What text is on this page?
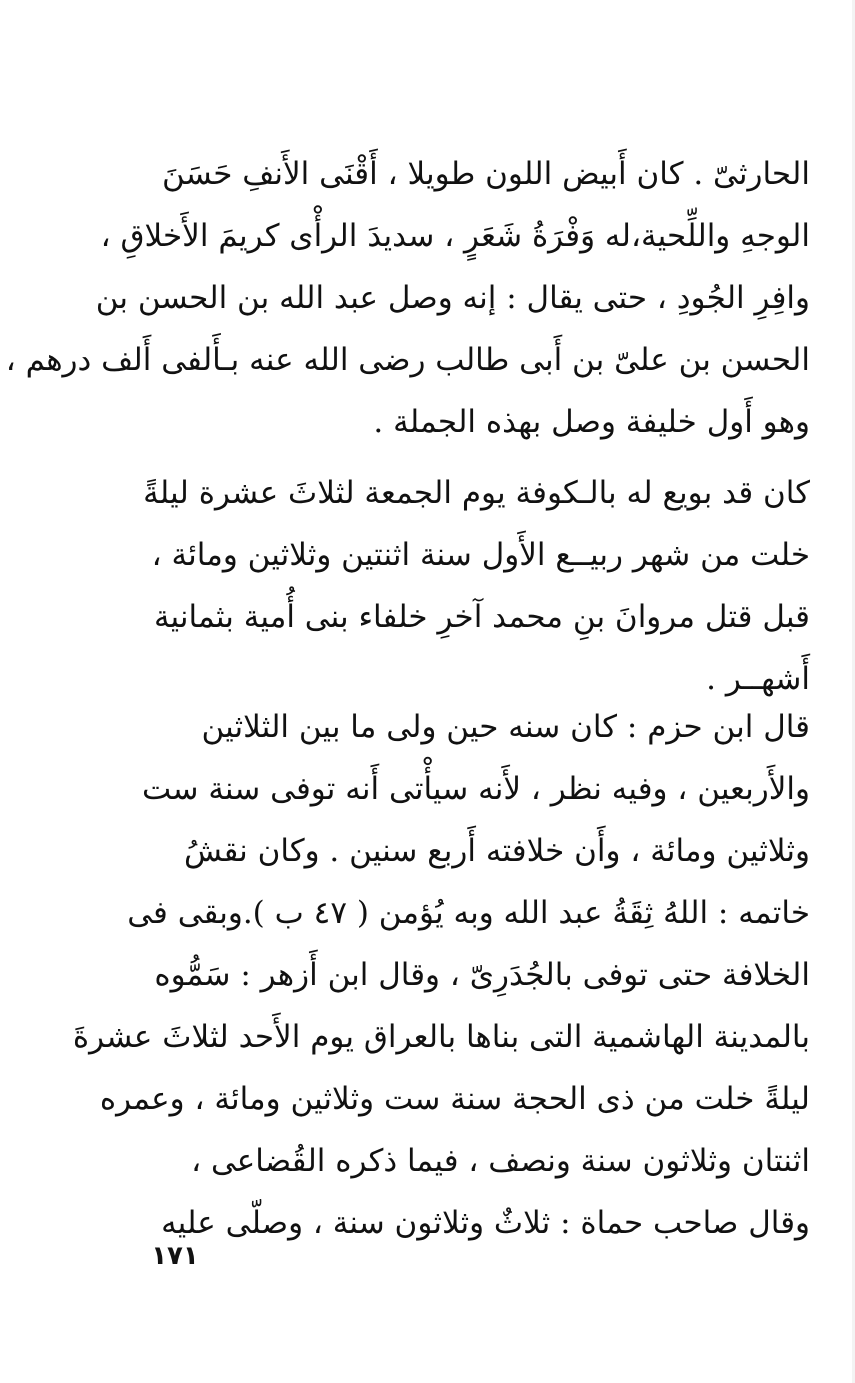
الحارثىّ . كان أَبيض اللون طويلا ، أَقْنَى الأَنفِ حَسَنَ
الوجهِ واللِّحية،له وَفْرَةُ شَعَرٍ ، سديدَ الرأْى كريمَ الأَخلاقِ ،
وافِرِ الجُودِ ، حتى يقال : إنه وصل عبد الله بن الحسن بن
الحسن بن علىّ بن أَبى طالب رضى الله عنه بـأَلفى أَلف درهم ،
وهو أَول خليفة وصل بهذه الجملة .
كان قد بويع له بالـكوفة يوم الجمعة لثلاثَ عشرة ليلةً
خلت من شهر ربيــع الأَول سنة اثنتين وثلاثين ومائة ،
قبل قتل مروانَ بنِ محمد آخرِ خلفاء بنى أُمية بثمانية
أَشهــر .
قال ابن حزم : كان سنه حين ولى ما بين الثلاثين
والأَربعين ، وفيه نظر ، لأَنه سيأْتى أَنه توفى سنة ست
وثلاثين ومائة ، وأَن خلافته أَربع سنين . وكان نقشُ
خاتمه : اللهُ ثِقَةُ عبد الله وبه يُؤمن ( ٤٧ ب ).وبقى فى
الخلافة حتى توفى بالجُدَرِىّ ، وقال ابن أَزهر : سَمُّوه
بالمدينة الهاشمية التى بناها بالعراق يوم الأَحد لثلاثَ عشرةَ
ليلةً خلت من ذى الحجة سنة ست وثلاثين ومائة ، وعمره
اثنتان وثلاثون سنة ونصف ، فيما ذكره القُضاعى ،
وقال صاحب حماة : ثلاثٌ وثلاثون سنة ، وصلّى عليه
١٧١
